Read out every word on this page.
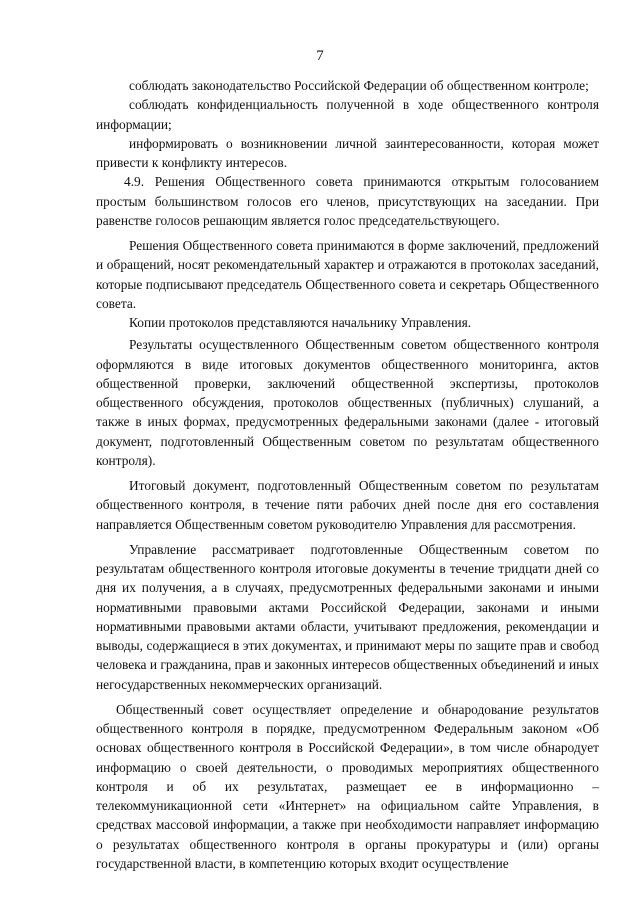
7

соблюдать законодательство Российской Федерации об общественном контроле;

соблюдать конфиденциальность полученной в ходе общественного контроля информации;

информировать о возникновении личной заинтересованности, которая может привести к конфликту интересов.

4.9. Решения Общественного совета принимаются открытым голосованием простым большинством голосов его членов, присутствующих на заседании. При равенстве голосов решающим является голос председательствующего.

Решения Общественного совета принимаются в форме заключений, предложений и обращений, носят рекомендательный характер и отражаются в протоколах заседаний, которые подписывают председатель Общественного совета и секретарь Общественного совета.

Копии протоколов представляются начальнику Управления.

Результаты осуществленного Общественным советом общественного контроля оформляются в виде итоговых документов общественного мониторинга, актов общественной проверки, заключений общественной экспертизы, протоколов общественного обсуждения, протоколов общественных (публичных) слушаний, а также в иных формах, предусмотренных федеральными законами (далее - итоговый документ, подготовленный Общественным советом по результатам общественного контроля).

Итоговый документ, подготовленный Общественным советом по результатам общественного контроля, в течение пяти рабочих дней после дня его составления направляется Общественным советом руководителю Управления для рассмотрения.

Управление рассматривает подготовленные Общественным советом по результатам общественного контроля итоговые документы в течение тридцати дней со дня их получения, а в случаях, предусмотренных федеральными законами и иными нормативными правовыми актами Российской Федерации, законами и иными нормативными правовыми актами области, учитывают предложения, рекомендации и выводы, содержащиеся в этих документах, и принимают меры по защите прав и свобод человека и гражданина, прав и законных интересов общественных объединений и иных негосударственных некоммерческих организаций.

Общественный совет осуществляет определение и обнародование результатов общественного контроля в порядке, предусмотренном Федеральным законом «Об основах общественного контроля в Российской Федерации», в том числе обнародует информацию о своей деятельности, о проводимых мероприятиях общественного контроля и об их результатах, размещает ее в информационно – телекоммуникационной сети «Интернет» на официальном сайте Управления, в средствах массовой информации, а также при необходимости направляет информацию о результатах общественного контроля в органы прокуратуры и (или) органы государственной власти, в компетенцию которых входит осуществление
